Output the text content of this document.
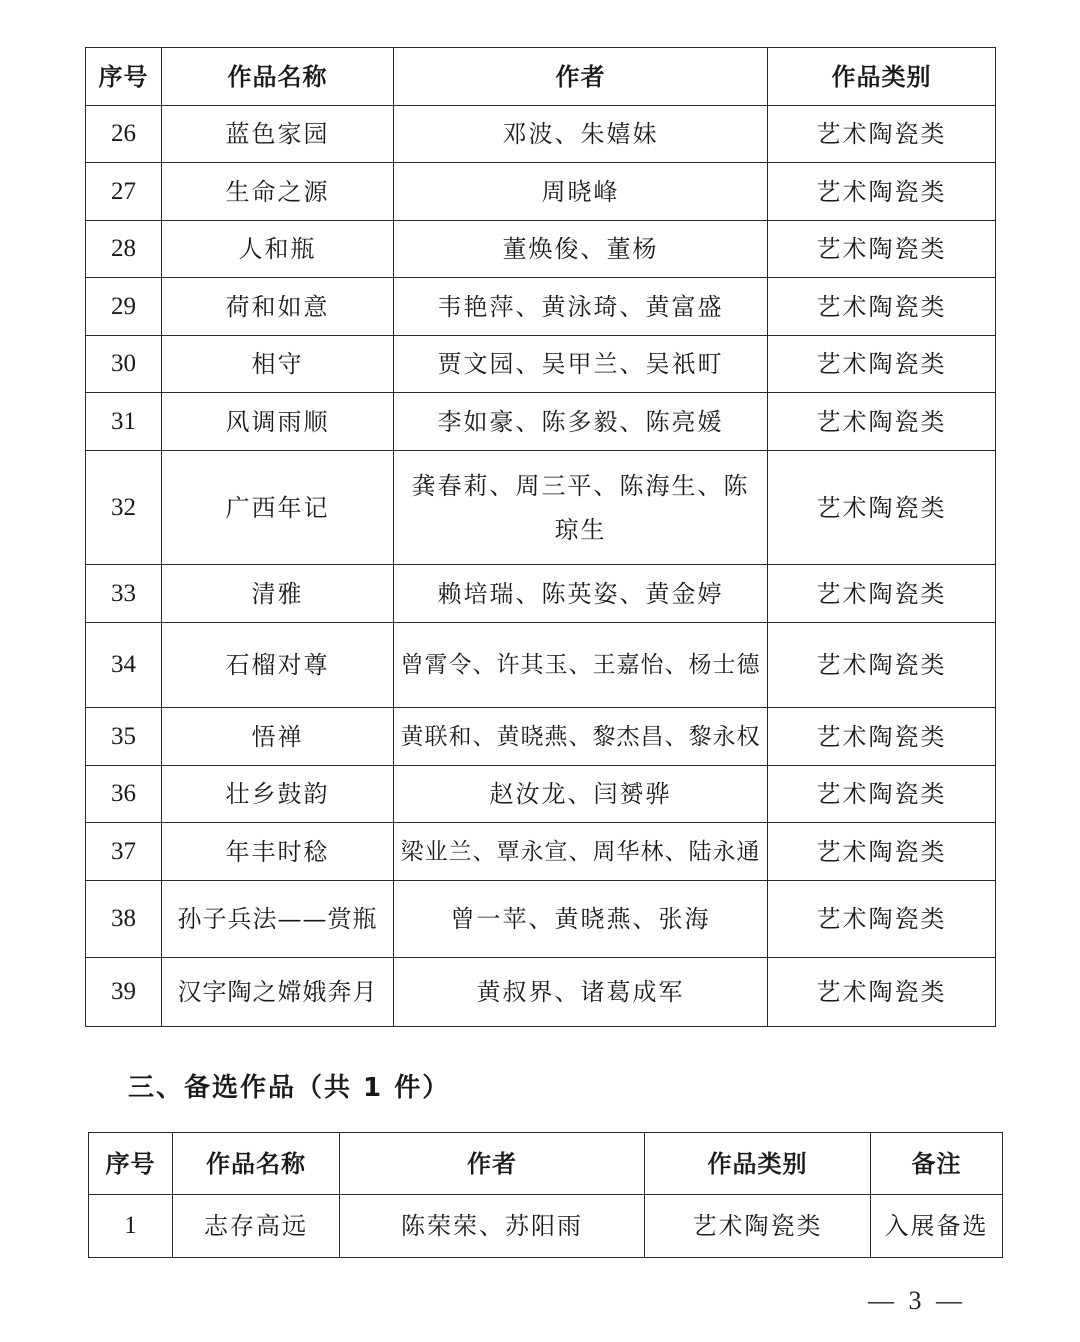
序号	作品名称	作者	作品类别
26	蓝色家园	邓波、朱嬉妹	艺术陶瓷类
27	生命之源	周晓峰	艺术陶瓷类
28	人和瓶	董焕俊、董杨	艺术陶瓷类
29	荷和如意	韦艳萍、黄泳琦、黄富盛	艺术陶瓷类
30	相守	贾文园、吴甲兰、吴祇町	艺术陶瓷类
31	风调雨顺	李如豪、陈多毅、陈亮媛	艺术陶瓷类
32	广西年记	龚春莉、周三平、陈海生、陈琼生	艺术陶瓷类
33	清雅	赖培瑞、陈英姿、黄金婷	艺术陶瓷类
34	石榴对尊	曾霄令、许其玉、王嘉怡、杨士德	艺术陶瓷类
35	悟禅	黄联和、黄晓燕、黎杰昌、黎永权	艺术陶瓷类
36	壮乡鼓韵	赵汝龙、闫赟骅	艺术陶瓷类
37	年丰时稔	梁业兰、覃永宣、周华林、陆永通	艺术陶瓷类
38	孙子兵法——赏瓶	曾一苹、黄晓燕、张海	艺术陶瓷类
39	汉字陶之嫦娥奔月	黄叔界、诸葛成军	艺术陶瓷类
三、备选作品（共 1 件）
序号	作品名称	作者	作品类别	备注
1	志存高远	陈荣荣、苏阳雨	艺术陶瓷类	入展备选
— 3 —
